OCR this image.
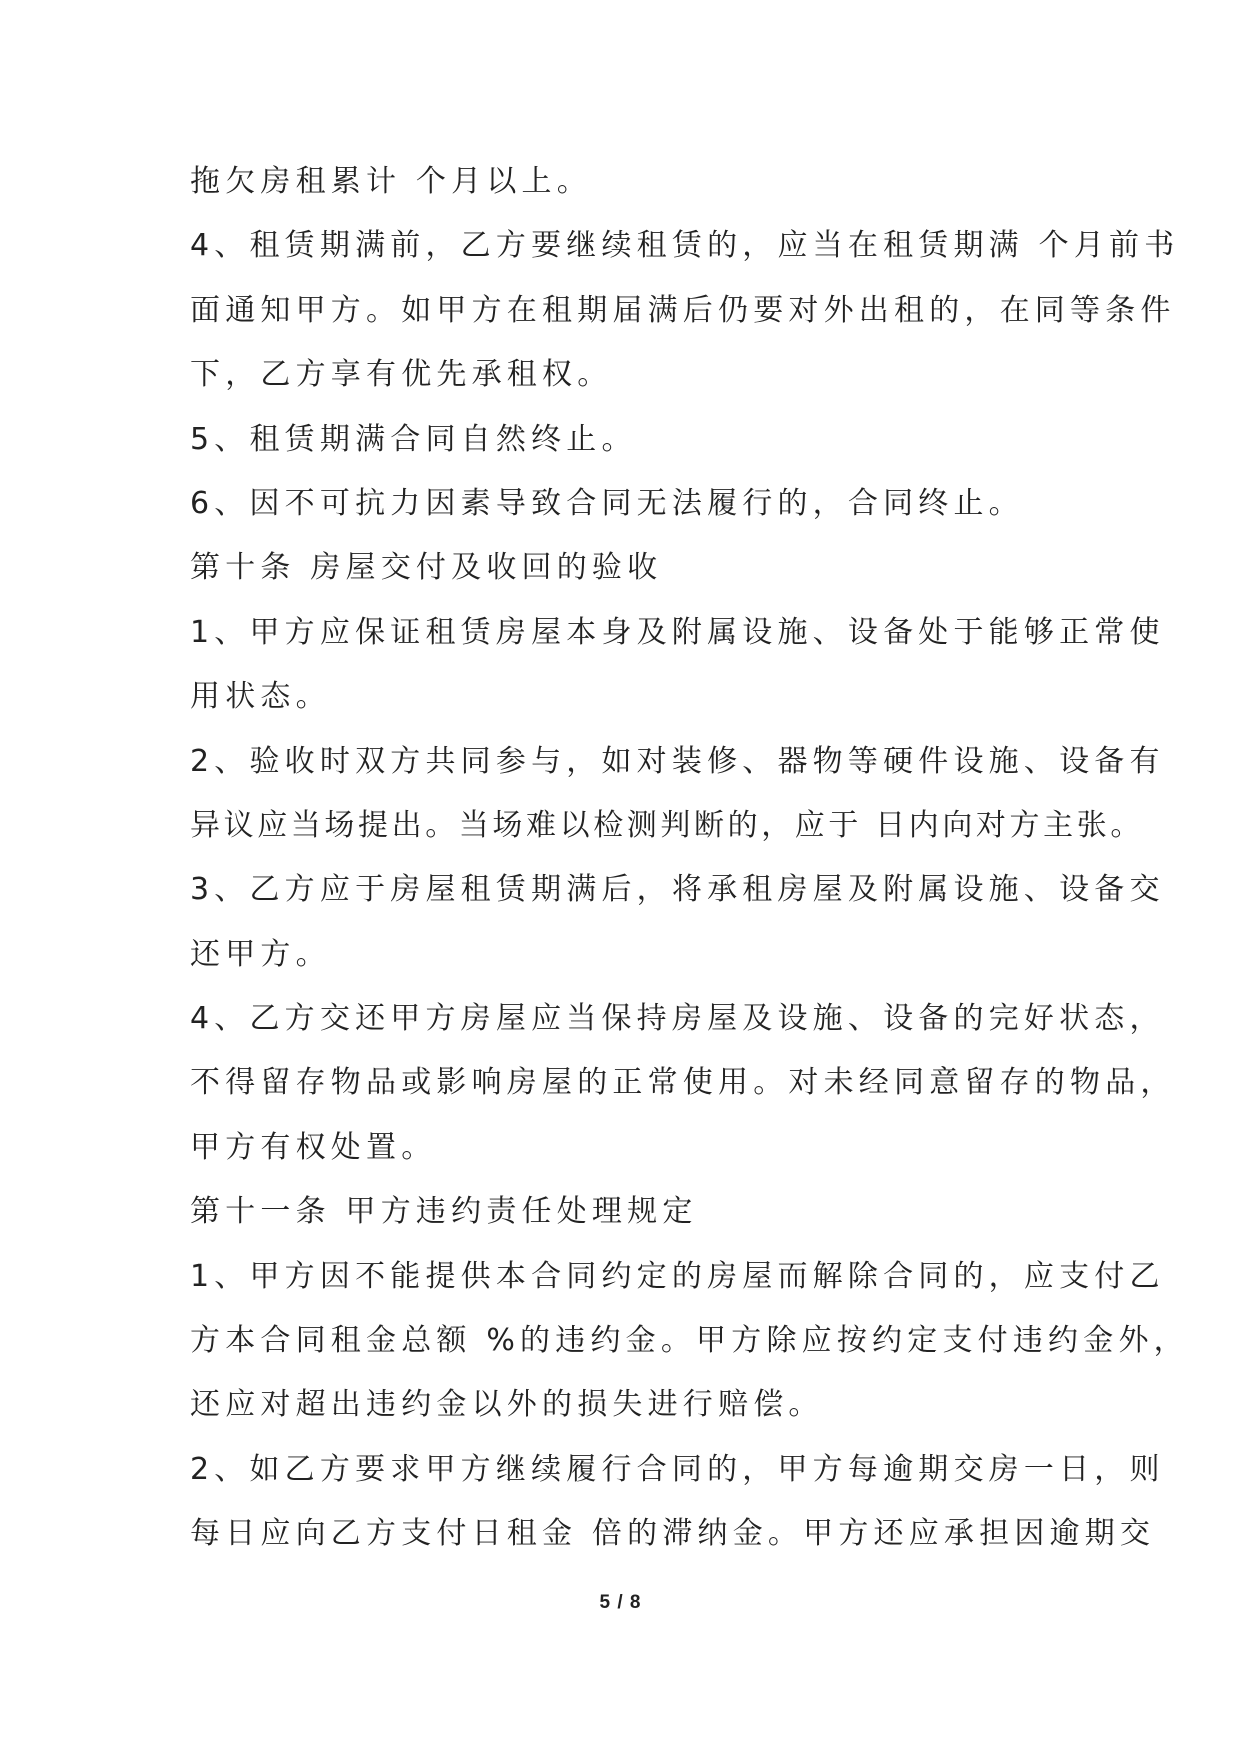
拖欠房租累计 个月以上。
4、租赁期满前，乙方要继续租赁的，应当在租赁期满 个月前书
面通知甲方。如甲方在租期届满后仍要对外出租的，在同等条件
下，乙方享有优先承租权。
5、租赁期满合同自然终止。
6、因不可抗力因素导致合同无法履行的，合同终止。
第十条 房屋交付及收回的验收
1、甲方应保证租赁房屋本身及附属设施、设备处于能够正常使
用状态。
2、验收时双方共同参与，如对装修、器物等硬件设施、设备有
异议应当场提出。当场难以检测判断的，应于 日内向对方主张。
3、乙方应于房屋租赁期满后，将承租房屋及附属设施、设备交
还甲方。
4、乙方交还甲方房屋应当保持房屋及设施、设备的完好状态，
不得留存物品或影响房屋的正常使用。对未经同意留存的物品，
甲方有权处置。
第十一条 甲方违约责任处理规定
1、甲方因不能提供本合同约定的房屋而解除合同的，应支付乙
方本合同租金总额 %的违约金。甲方除应按约定支付违约金外，
还应对超出违约金以外的损失进行赔偿。
2、如乙方要求甲方继续履行合同的，甲方每逾期交房一日，则
每日应向乙方支付日租金 倍的滞纳金。甲方还应承担因逾期交
5 / 8
